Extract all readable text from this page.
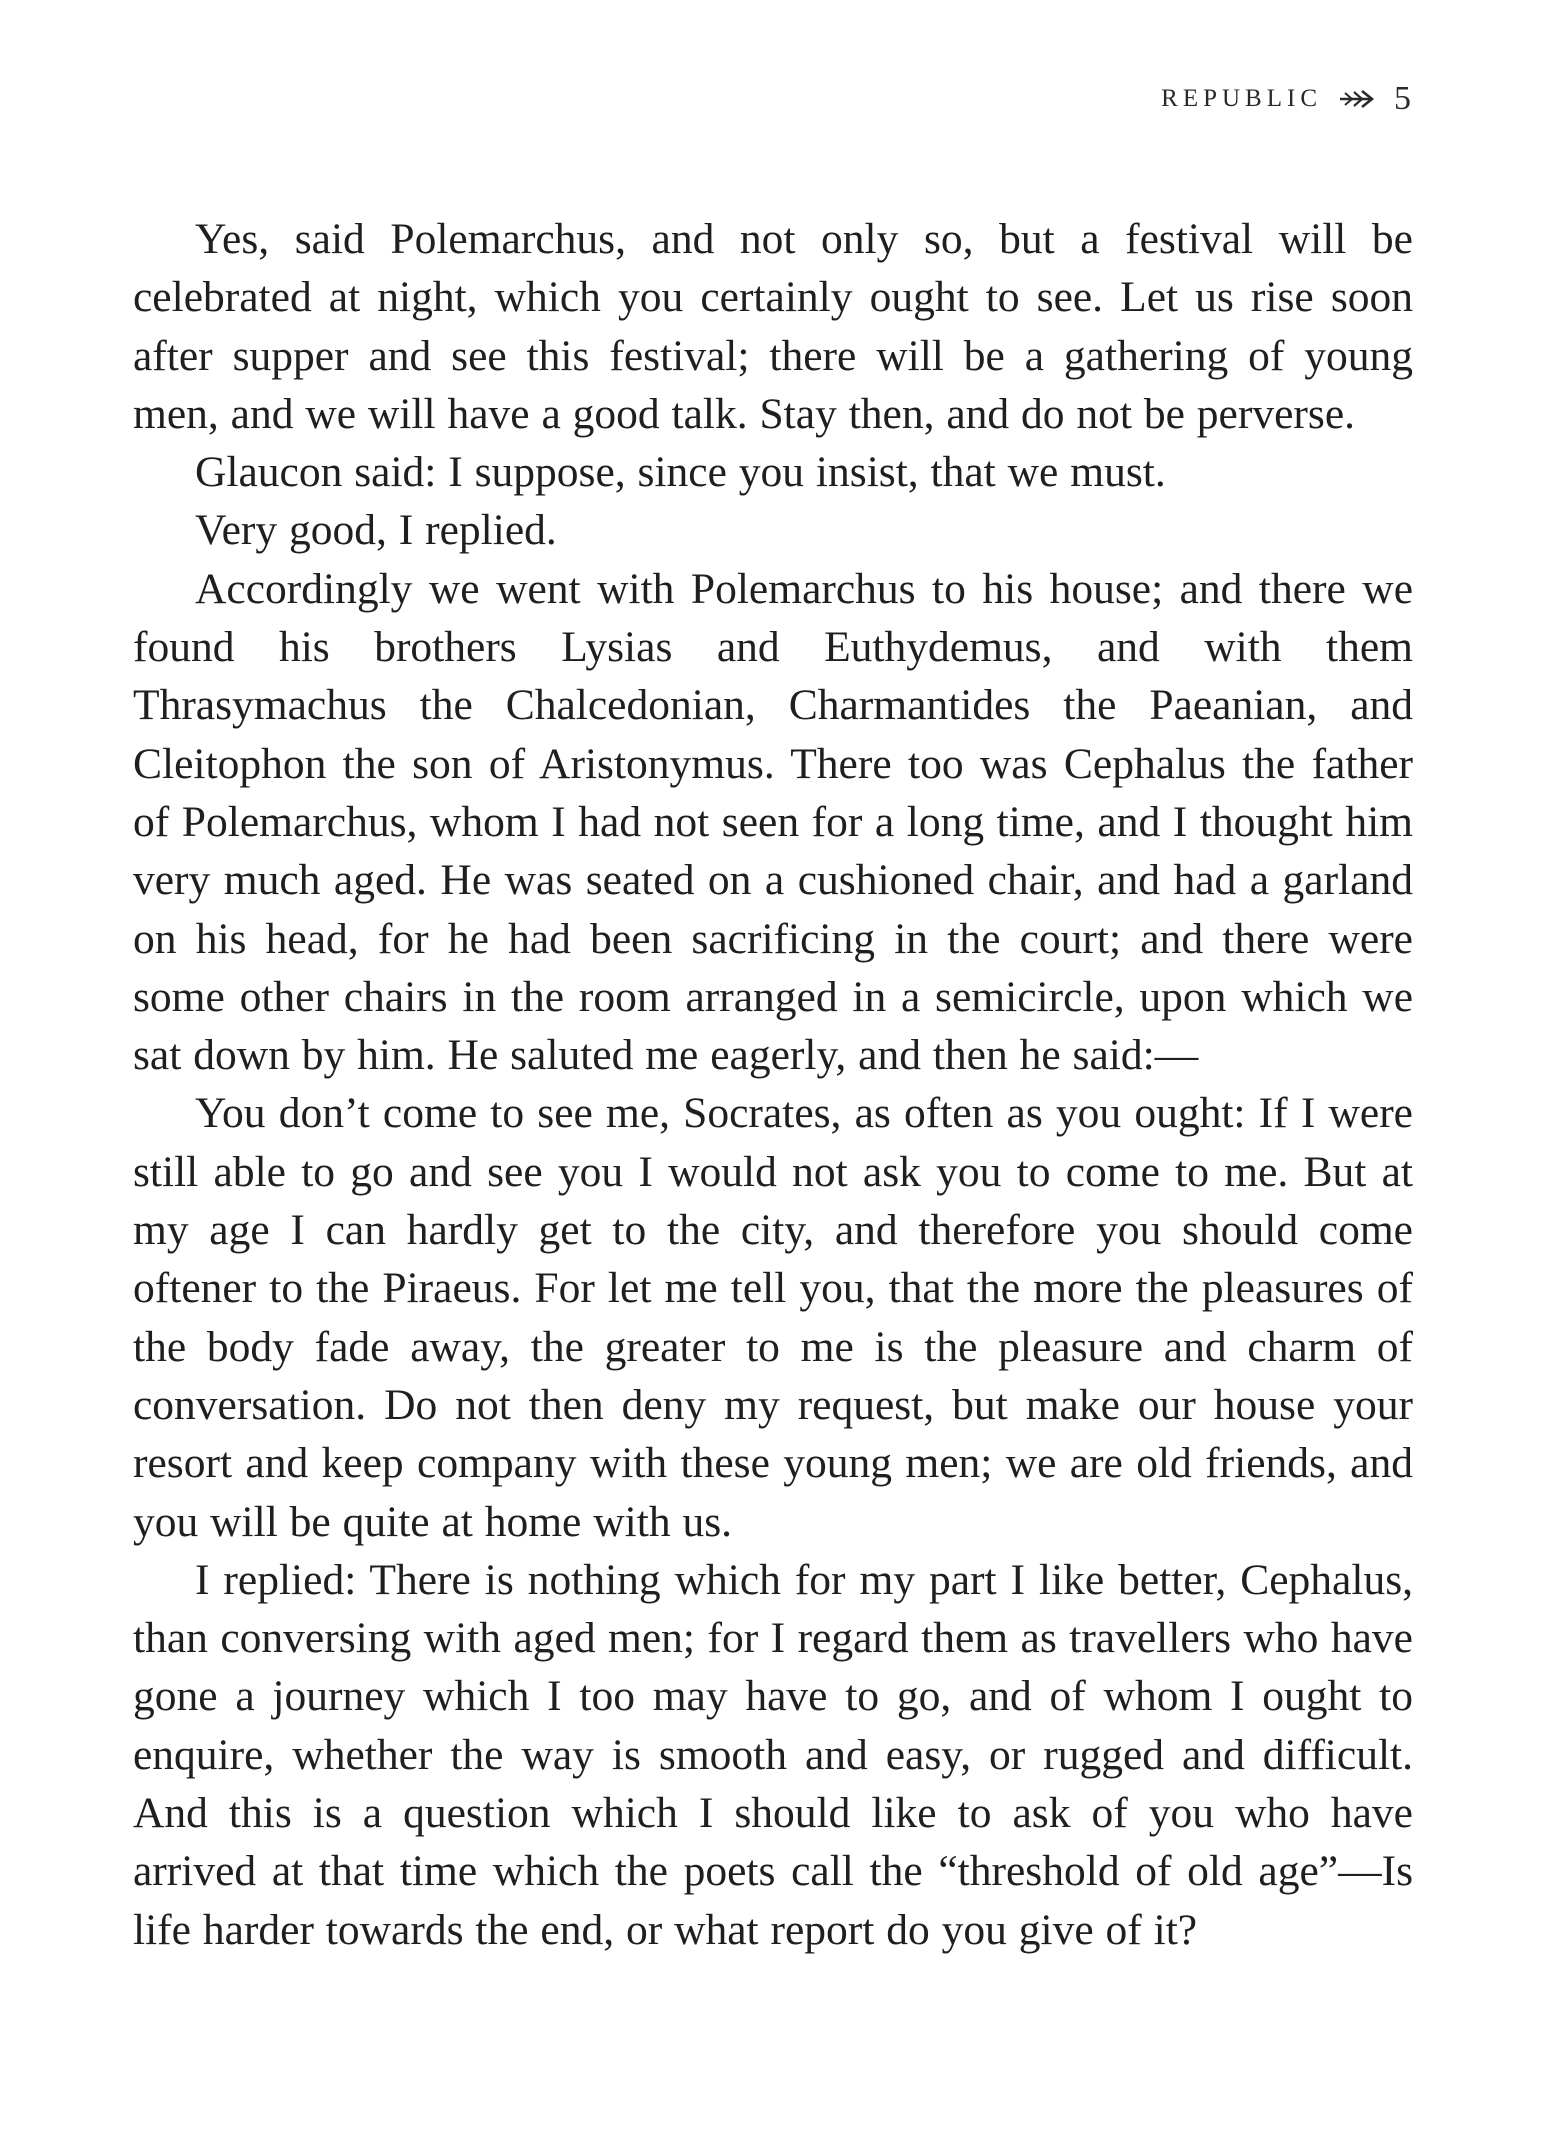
REPUBLIC 5

Yes, said Polemarchus, and not only so, but a festival will be celebrated at night, which you certainly ought to see. Let us rise soon after supper and see this festival; there will be a gathering of young men, and we will have a good talk. Stay then, and do not be perverse.

Glaucon said: I suppose, since you insist, that we must.

Very good, I replied.

Accordingly we went with Polemarchus to his house; and there we found his brothers Lysias and Euthydemus, and with them Thrasymachus the Chalcedonian, Charmantides the Paeanian, and Cleitophon the son of Aristonymus. There too was Cephalus the father of Polemarchus, whom I had not seen for a long time, and I thought him very much aged. He was seated on a cushioned chair, and had a garland on his head, for he had been sacrificing in the court; and there were some other chairs in the room arranged in a semicircle, upon which we sat down by him. He saluted me eagerly, and then he said:—

You don’t come to see me, Socrates, as often as you ought: If I were still able to go and see you I would not ask you to come to me. But at my age I can hardly get to the city, and therefore you should come oftener to the Piraeus. For let me tell you, that the more the pleasures of the body fade away, the greater to me is the pleasure and charm of conversation. Do not then deny my request, but make our house your resort and keep company with these young men; we are old friends, and you will be quite at home with us.

I replied: There is nothing which for my part I like better, Cephalus, than conversing with aged men; for I regard them as travellers who have gone a journey which I too may have to go, and of whom I ought to enquire, whether the way is smooth and easy, or rugged and difficult. And this is a question which I should like to ask of you who have arrived at that time which the poets call the “threshold of old age”—Is life harder towards the end, or what report do you give of it?
